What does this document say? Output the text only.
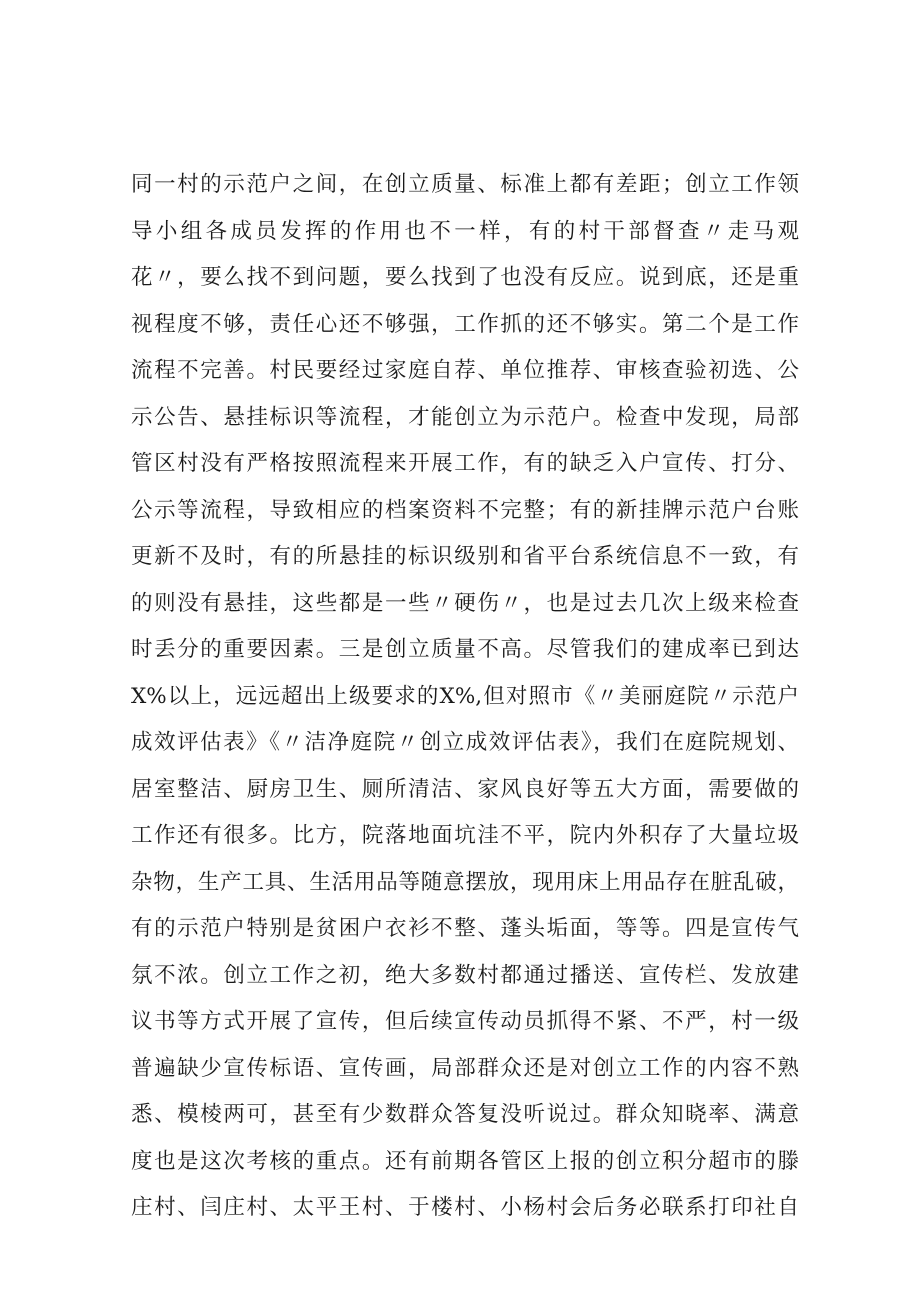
同一村的示范户之间，在创立质量、标准上都有差距；创立工作领
导小组各成员发挥的作用也不一样，有的村干部督查〃走马观
花〃，要么找不到问题，要么找到了也没有反应。说到底，还是重
视程度不够，责任心还不够强，工作抓的还不够实。第二个是工作
流程不完善。村民要经过家庭自荐、单位推荐、审核查验初选、公
示公告、悬挂标识等流程，才能创立为示范户。检查中发现，局部
管区村没有严格按照流程来开展工作，有的缺乏入户宣传、打分、
公示等流程，导致相应的档案资料不完整；有的新挂牌示范户台账
更新不及时，有的所悬挂的标识级别和省平台系统信息不一致，有
的则没有悬挂，这些都是一些〃硬伤〃，也是过去几次上级来检查
时丢分的重要因素。三是创立质量不高。尽管我们的建成率已到达
X%以上，远远超出上级要求的X%,但对照市《〃美丽庭院〃示范户
成效评估表》《〃洁净庭院〃创立成效评估表》，我们在庭院规划、
居室整洁、厨房卫生、厕所清洁、家风良好等五大方面，需要做的
工作还有很多。比方，院落地面坑洼不平，院内外积存了大量垃圾
杂物，生产工具、生活用品等随意摆放，现用床上用品存在脏乱破，
有的示范户特别是贫困户衣衫不整、蓬头垢面，等等。四是宣传气
氛不浓。创立工作之初，绝大多数村都通过播送、宣传栏、发放建
议书等方式开展了宣传，但后续宣传动员抓得不紧、不严，村一级
普遍缺少宣传标语、宣传画，局部群众还是对创立工作的内容不熟
悉、模棱两可，甚至有少数群众答复没听说过。群众知晓率、满意
度也是这次考核的重点。还有前期各管区上报的创立积分超市的滕
庄村、闫庄村、太平王村、于楼村、小杨村会后务必联系打印社自
